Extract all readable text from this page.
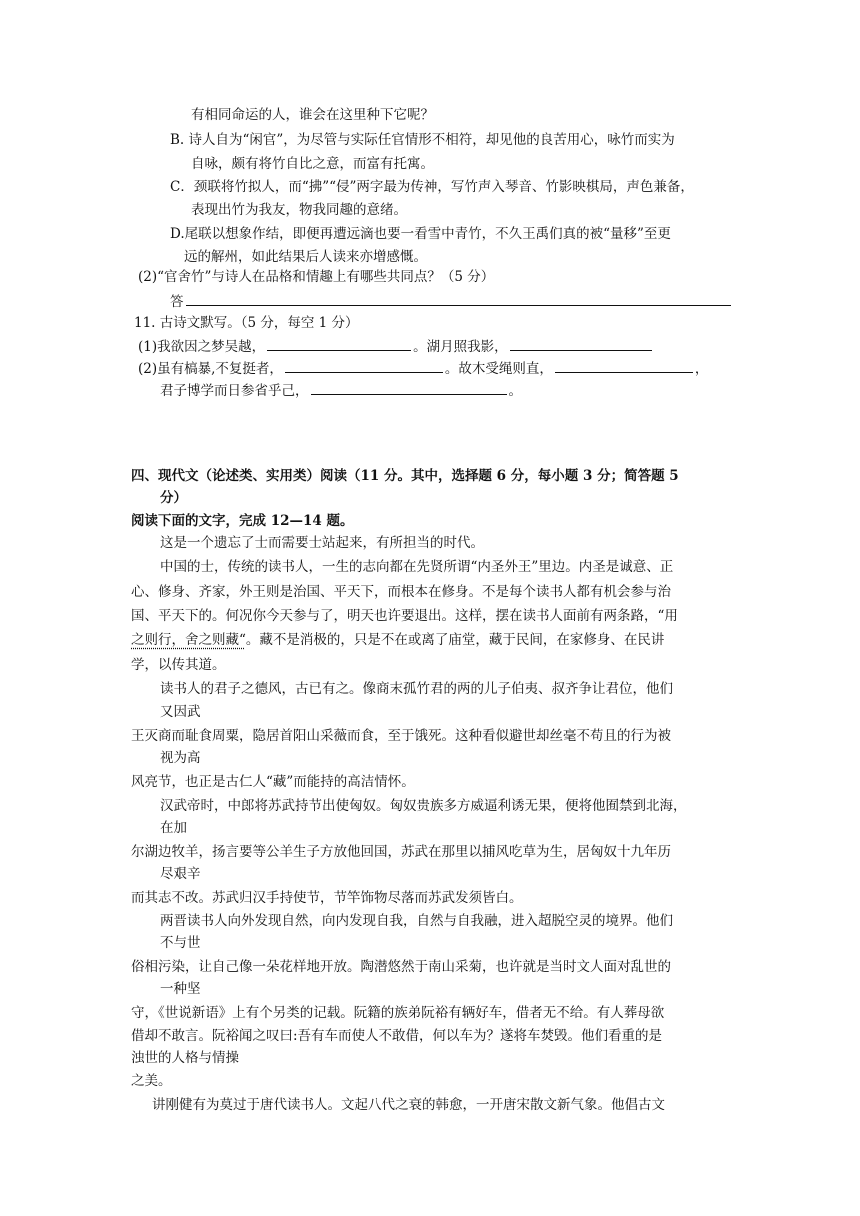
有相同命运的人，谁会在这里种下它呢？
B. 诗人自为“闲官”，为尽管与实际任官情形不相符，却见他的良苦用心，咏竹而实为
自咏，颇有将竹自比之意，而富有托寓。
C．颈联将竹拟人，而“拂”“侵”两字最为传神，写竹声入琴音、竹影映棋局，声色兼备，
表现出竹为我友，物我同趣的意绪。
D.尾联以想象作结，即便再遭远滴也要一看雪中青竹，不久王禹们真的被“量移”至更
远的解州，如此结果后人读来亦增感慨。
(2)“官舍竹”与诗人在品格和情趣上有哪些共同点？（5 分）
答
11. 古诗文默写。（5 分，每空 1 分）
(1)我欲因之梦吴越，	。湖月照我影，
(2)虽有槁暴,不复挺者，	。故木受绳则直，	，
君子博学而日参省乎己，	。
四、现代文（论述类、实用类）阅读（11 分。其中，选择题 6 分，每小题 3 分；简答题 5
分）
阅读下面的文字，完成 12—14 题。
这是一个遗忘了士而需要士站起来，有所担当的时代。
中国的士，传统的读书人，一生的志向都在先贤所谓“内圣外王”里边。内圣是诚意、正
心、修身、齐家，外王则是治国、平天下，而根本在修身。不是每个读书人都有机会参与治
国、平天下的。何况你今天参与了，明天也许要退出。这样，摆在读书人面前有两条路，“用
之则行，舍之则藏“。藏不是消极的，只是不在或离了庙堂，藏于民间，在家修身、在民讲
学，以传其道。
读书人的君子之德风，古已有之。像商末孤竹君的两的儿子伯夷、叔齐争让君位，他们
又因武
王灭商而耻食周粟，隐居首阳山采薇而食，至于饿死。这种看似避世却丝毫不苟且的行为被
视为高
风亮节，也正是古仁人“藏”而能持的高洁情怀。
汉武帝时，中郎将苏武持节出使匈奴。匈奴贵族多方威逼利诱无果，便将他囿禁到北海，
在加
尔湖边牧羊，扬言要等公羊生子方放他回国，苏武在那里以捕风吃草为生，居匈奴十九年历
尽艰辛
而其志不改。苏武归汉手持使节，节竿饰物尽落而苏武发须皆白。
两晋读书人向外发现自然，向内发现自我，自然与自我融，进入超脱空灵的境界。他们
不与世
俗相污染，让自己像一朵花样地开放。陶潜悠然于南山采菊，也许就是当时文人面对乱世的
一种坚
守，《世说新语》上有个另类的记载。阮籍的族弟阮裕有辆好车，借者无不给。有人葬母欲
借却不敢言。阮裕闻之叹曰:吾有车而使人不敢借，何以车为？遂将车焚毁。他们看重的是
浊世的人格与情操
之美。
讲刚健有为莫过于唐代读书人。文起八代之衰的韩愈，一开唐宋散文新气象。他倡古文
